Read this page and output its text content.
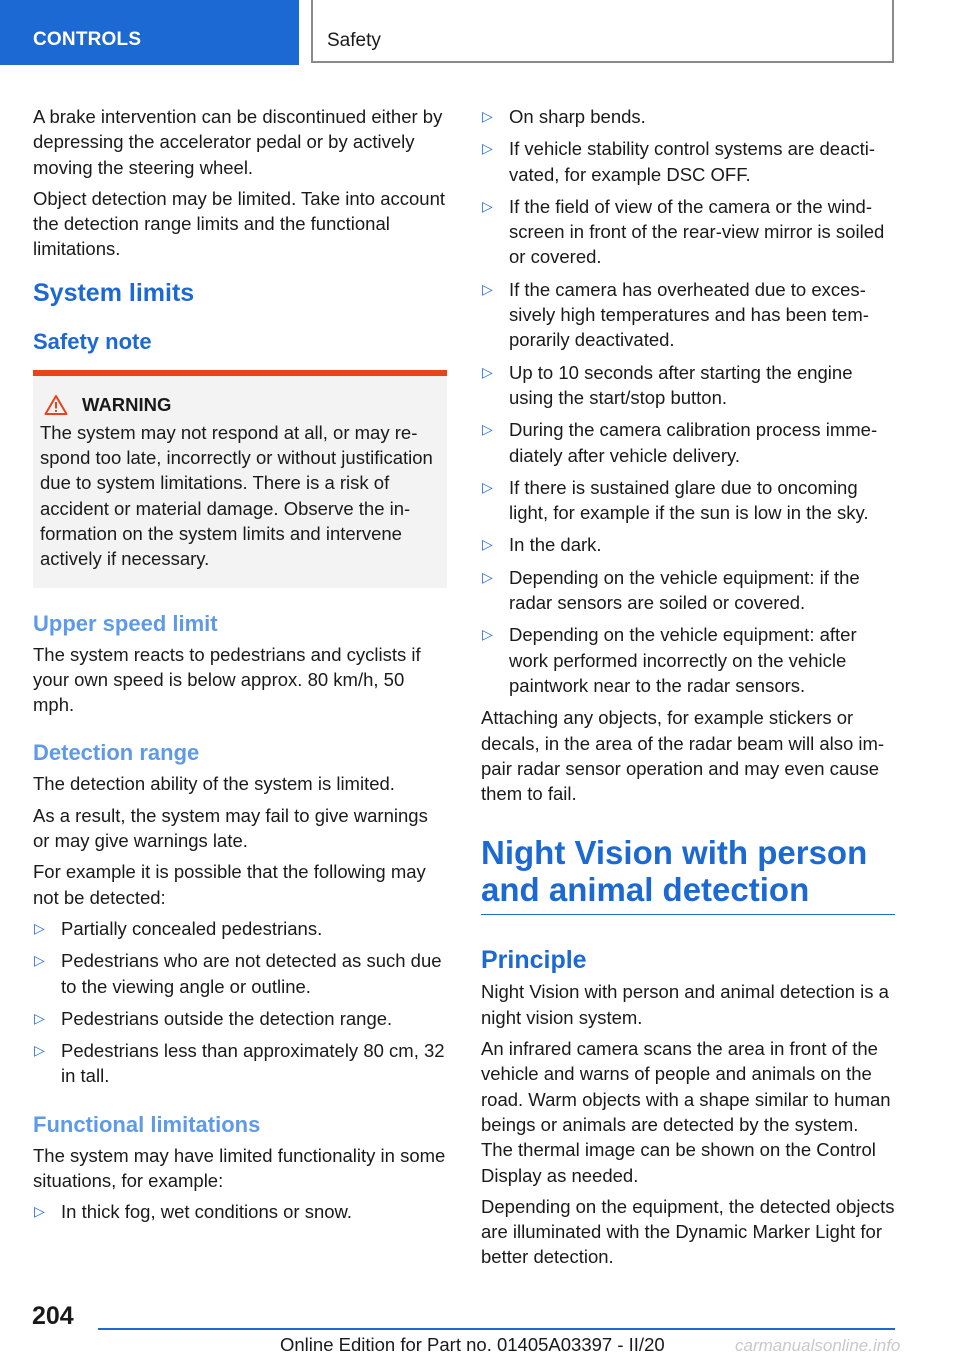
CONTROLS	Safety

A brake intervention can be discontinued either by depressing the accelerator pedal or by actively moving the steering wheel.

Object detection may be limited. Take into account the detection range limits and the functional limitations.

System limits
Safety note
WARNING

The system may not respond at all, or may respond too late, incorrectly or without justification due to system limitations. There is a risk of accident or material damage. Observe the information on the system limits and intervene actively if necessary.

Upper speed limit

The system reacts to pedestrians and cyclists if your own speed is below approx. 80 km/h, 50 mph.

Detection range

The detection ability of the system is limited.

As a result, the system may fail to give warnings or may give warnings late.

For example it is possible that the following may not be detected:

▷ Partially concealed pedestrians.
▷ Pedestrians who are not detected as such due to the viewing angle or outline.
▷ Pedestrians outside the detection range.
▷ Pedestrians less than approximately 80 cm, 32 in tall.
Functional limitations

The system may have limited functionality in some situations, for example:

▷ In thick fog, wet conditions or snow.
▷ On sharp bends.
▷ If vehicle stability control systems are deactivated, for example DSC OFF.
▷ If the field of view of the camera or the windscreen in front of the rear-view mirror is soiled or covered.
▷ If the camera has overheated due to excessively high temperatures and has been temporarily deactivated.
▷ Up to 10 seconds after starting the engine using the start/stop button.
▷ During the camera calibration process immediately after vehicle delivery.
▷ If there is sustained glare due to oncoming light, for example if the sun is low in the sky.
▷ In the dark.
▷ Depending on the vehicle equipment: if the radar sensors are soiled or covered.
▷ Depending on the vehicle equipment: after work performed incorrectly on the vehicle paintwork near to the radar sensors.

Attaching any objects, for example stickers or decals, in the area of the radar beam will also impair radar sensor operation and may even cause them to fail.

Night Vision with person and animal detection
Principle

Night Vision with person and animal detection is a night vision system.

An infrared camera scans the area in front of the vehicle and warns of people and animals on the road. Warm objects with a shape similar to human beings or animals are detected by the system. The thermal image can be shown on the Control Display as needed.

Depending on the equipment, the detected objects are illuminated with the Dynamic Marker Light for better detection.

204
Online Edition for Part no. 01405A03397 - II/20	carmanualsonline.info
